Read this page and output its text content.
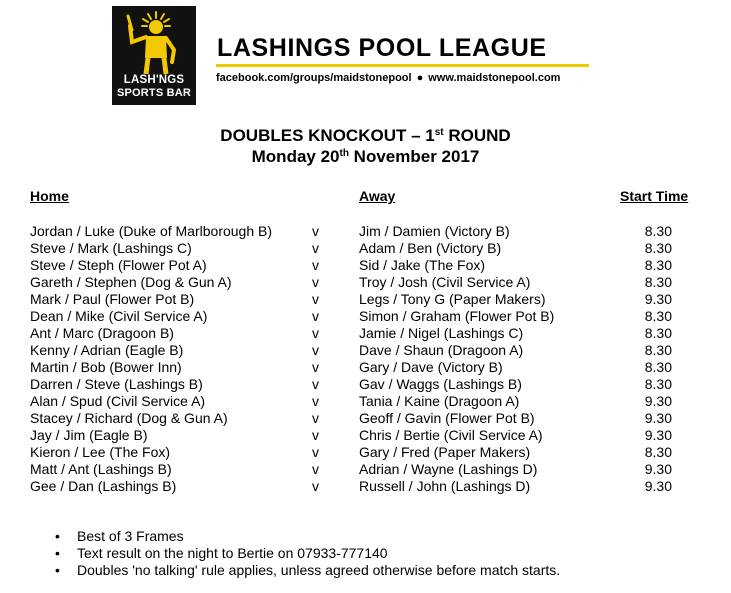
LASH'NGS
SPORTS BAR
LASHINGS POOL LEAGUE
facebook.com/groups/maidstonepool ● www.maidstonepool.com
DOUBLES KNOCKOUT – 1st ROUND
Monday 20th November 2017
Home	Away	Start Time
Jordan / Luke (Duke of Marlborough B)	v	Jim / Damien (Victory B)	8.30
Steve / Mark (Lashings C)	v	Adam / Ben (Victory B)	8.30
Steve / Steph (Flower Pot A)	v	Sid / Jake (The Fox)	8.30
Gareth / Stephen (Dog & Gun A)	v	Troy / Josh (Civil Service A)	8.30
Mark / Paul (Flower Pot B)	v	Legs / Tony G (Paper Makers)	9.30
Dean / Mike (Civil Service A)	v	Simon / Graham (Flower Pot B)	8.30
Ant / Marc (Dragoon B)	v	Jamie / Nigel (Lashings C)	8.30
Kenny / Adrian (Eagle B)	v	Dave / Shaun (Dragoon A)	8.30
Martin / Bob (Bower Inn)	v	Gary / Dave (Victory B)	8.30
Darren / Steve (Lashings B)	v	Gav / Waggs (Lashings B)	8.30
Alan / Spud (Civil Service A)	v	Tania / Kaine (Dragoon A)	9.30
Stacey / Richard (Dog & Gun A)	v	Geoff / Gavin (Flower Pot B)	9.30
Jay / Jim (Eagle B)	v	Chris / Bertie (Civil Service A)	9.30
Kieron / Lee (The Fox)	v	Gary / Fred (Paper Makers)	8.30
Matt / Ant (Lashings B)	v	Adrian / Wayne (Lashings D)	9.30
Gee / Dan (Lashings B)	v	Russell / John (Lashings D)	9.30
• Best of 3 Frames
• Text result on the night to Bertie on 07933-777140
• Doubles 'no talking' rule applies, unless agreed otherwise before match starts.
